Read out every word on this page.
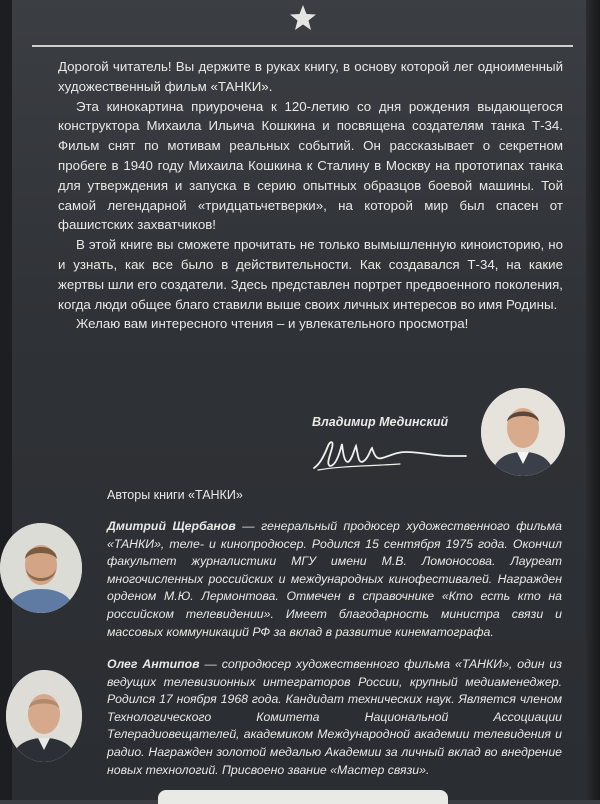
Дорогой читатель! Вы держите в руках книгу, в основу которой лег одноименный художественный фильм «ТАНКИ».

Эта кинокартина приурочена к 120-летию со дня рождения выдающегося конструктора Михаила Ильича Кошкина и посвящена создателям танка Т-34. Фильм снят по мотивам реальных событий. Он рассказывает о секретном пробеге в 1940 году Михаила Кошкина к Сталину в Москву на прототипах танка для утверждения и запуска в серию опытных образцов боевой машины. Той самой легендарной «тридцатьчетверки», на которой мир был спасен от фашистских захватчиков!

В этой книге вы сможете прочитать не только вымышленную киноисторию, но и узнать, как все было в действительности. Как создавался Т-34, на какие жертвы шли его создатели. Здесь представлен портрет предвоенного поколения, когда люди общее благо ставили выше своих личных интересов во имя Родины.

Желаю вам интересного чтения – и увлекательного просмотра!

Владимир Мединский
Авторы книги «ТАНКИ»

Дмитрий Щербанов — генеральный продюсер художественного фильма «ТАНКИ», теле- и кинопродюсер. Родился 15 сентября 1975 года. Окончил факультет журналистики МГУ имени М.В. Ломоносова. Лауреат многочисленных российских и международных кинофестивалей. Награжден орденом М.Ю. Лермонтова. Отмечен в справочнике «Кто есть кто на российском телевидении». Имеет благодарность министра связи и массовых коммуникаций РФ за вклад в развитие кинематографа.

Олег Антипов — сопродюсер художественного фильма «ТАНКИ», один из ведущих телевизионных интеграторов России, крупный медиаменеджер. Родился 17 ноября 1968 года. Кандидат технических наук. Является членом Технологического Комитета Национальной Ассоциации Телерадиовещателей, академиком Международной академии телевидения и радио. Награжден золотой медалью Академии за личный вклад во внедрение новых технологий. Присвоено звание «Мастер связи».
